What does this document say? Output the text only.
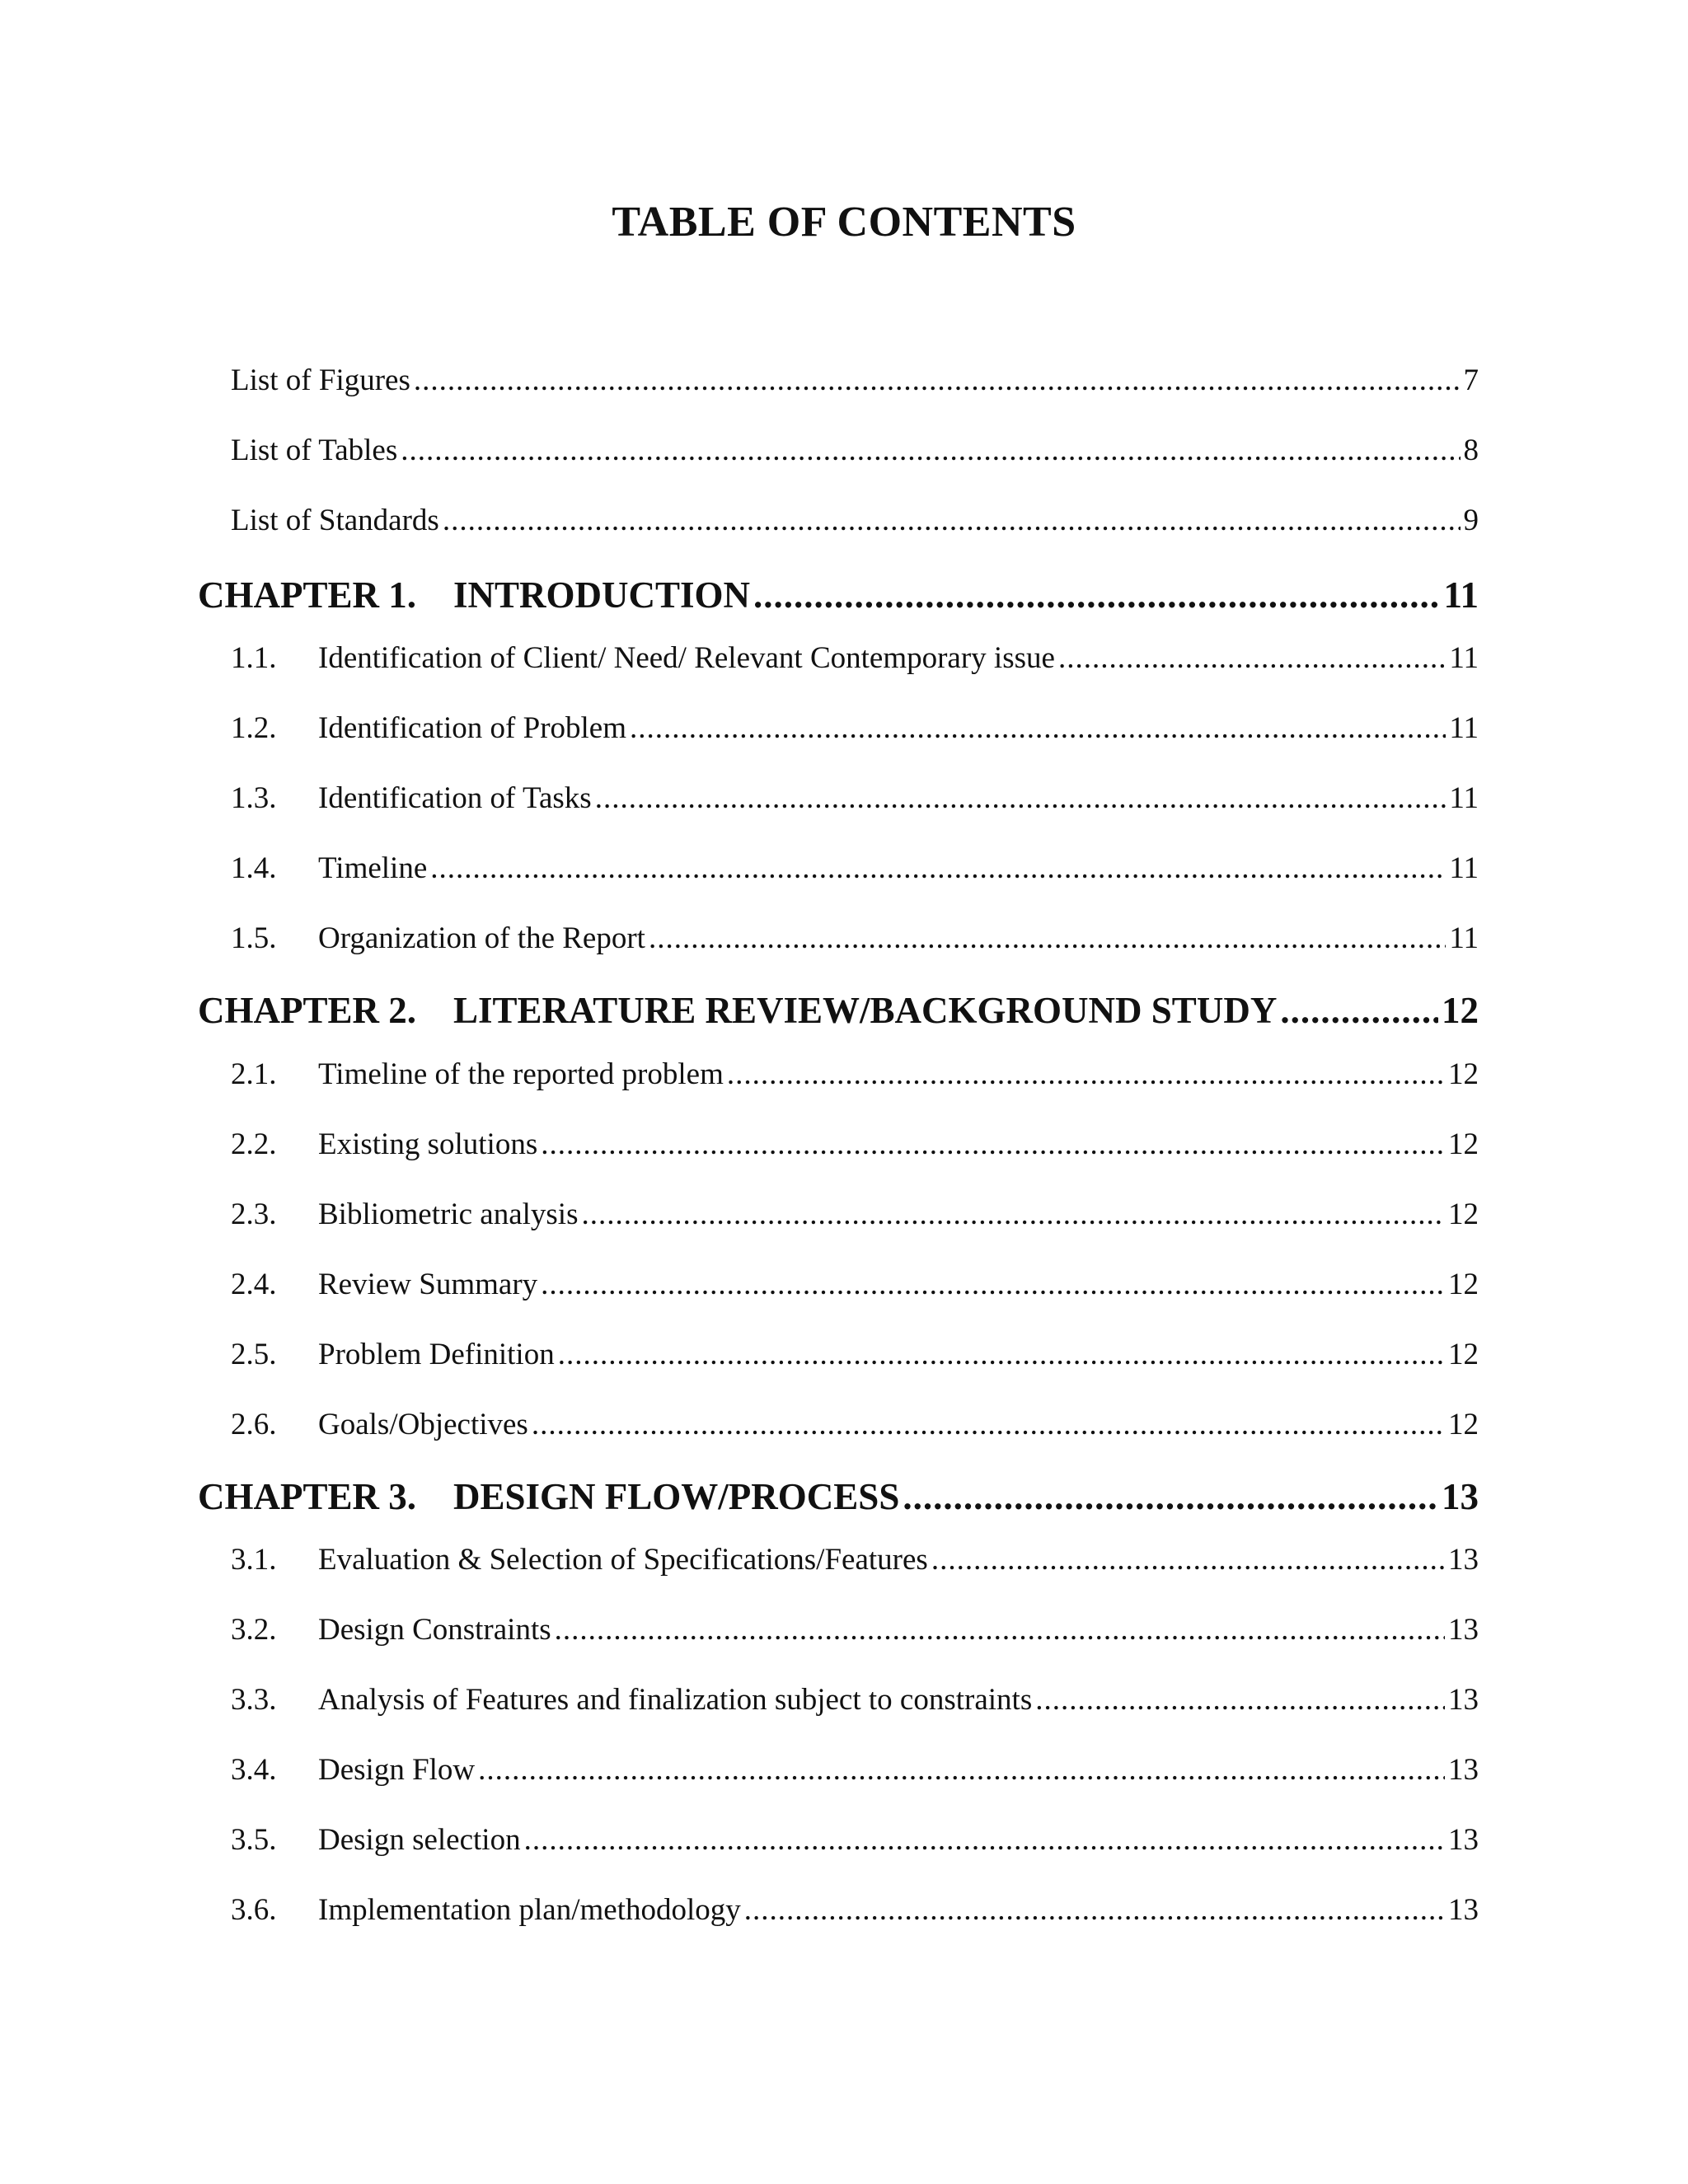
TABLE OF CONTENTS
List of Figures .....	7
List of Tables .....	8
List of Standards .....	9
CHAPTER 1. INTRODUCTION .....	11
1.1.	Identification of Client/ Need/ Relevant Contemporary issue .....	11
1.2.	Identification of Problem .....	11
1.3.	Identification of Tasks .....	11
1.4.	Timeline .....	11
1.5.	Organization of the Report .....	11
CHAPTER 2. LITERATURE REVIEW/BACKGROUND STUDY .....	12
2.1.	Timeline of the reported problem .....	12
2.2.	Existing solutions .....	12
2.3.	Bibliometric analysis .....	12
2.4.	Review Summary .....	12
2.5.	Problem Definition .....	12
2.6.	Goals/Objectives .....	12
CHAPTER 3. DESIGN FLOW/PROCESS .....	13
3.1.	Evaluation & Selection of Specifications/Features .....	13
3.2.	Design Constraints .....	13
3.3.	Analysis of Features and finalization subject to constraints .....	13
3.4.	Design Flow .....	13
3.5.	Design selection .....	13
3.6.	Implementation plan/methodology .....	13
